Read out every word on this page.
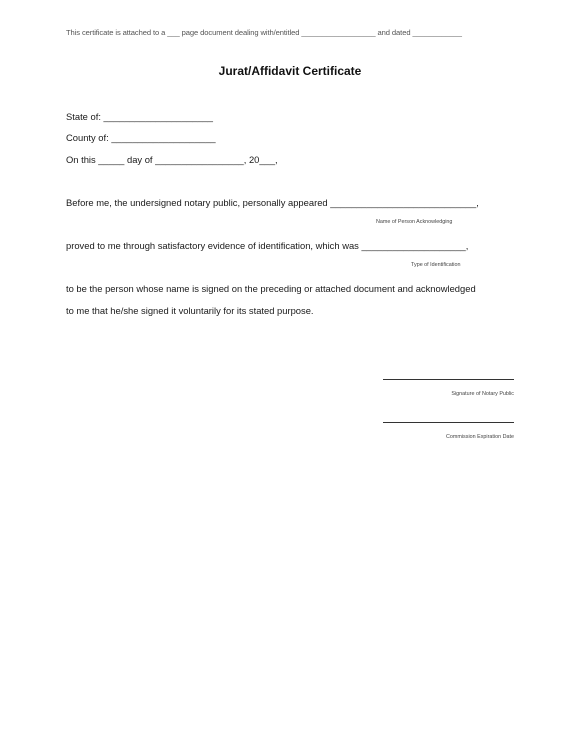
This certificate is attached to a ___ page document dealing with/entitled __________________ and dated ____________
Jurat/Affidavit Certificate
State of: _____________________
County of: ____________________
On this _____ day of _________________, 20___,
Before me, the undersigned notary public, personally appeared ____________________________,
Name of Person Acknowledging
proved to me through satisfactory evidence of identification, which was ____________________,
Type of Identification
to be the person whose name is signed on the preceding or attached document and acknowledged
to me that he/she signed it voluntarily for its stated purpose.
Signature of Notary Public
Commission Expiration Date
